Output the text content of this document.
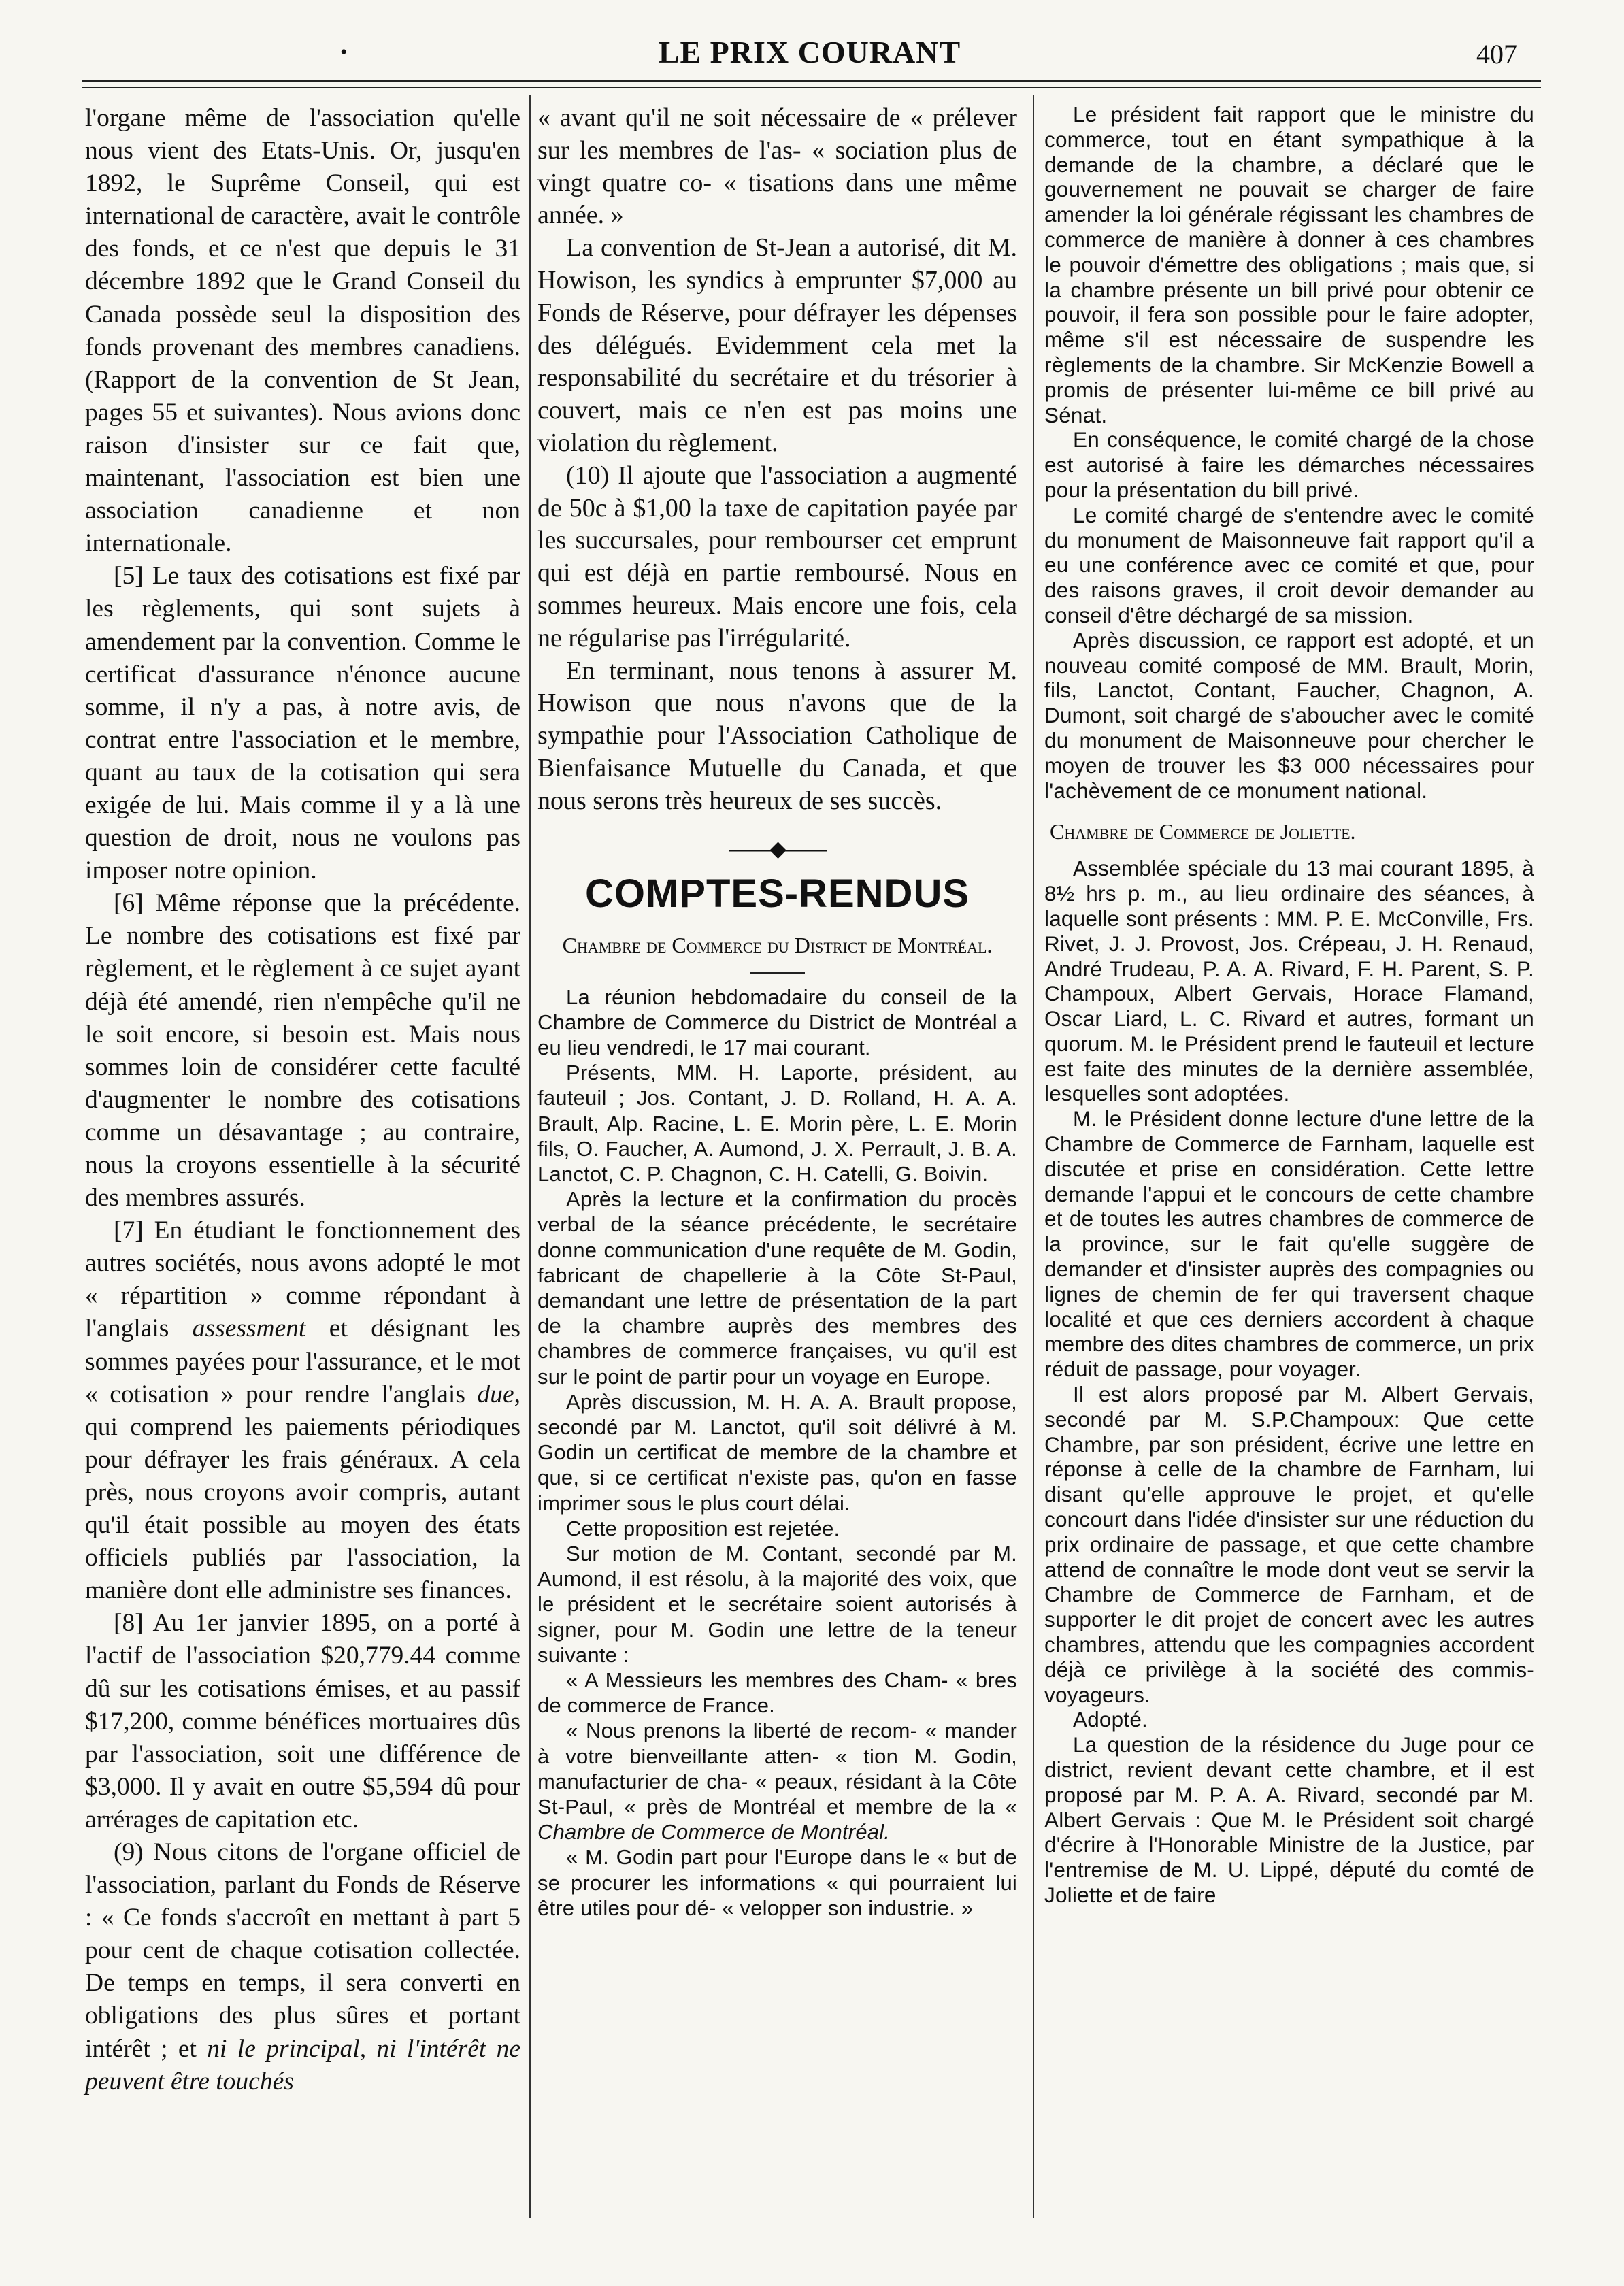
•	LE PRIX COURANT	407

l'organe même de l'association qu'elle nous vient des Etats-Unis. Or, jusqu'en 1892, le Suprême Conseil, qui est international de caractère, avait le contrôle des fonds, et ce n'est que depuis le 31 décembre 1892 que le Grand Conseil du Canada possède seul la disposition des fonds provenant des membres canadiens. (Rapport de la convention de St Jean, pages 55 et suivantes). Nous avions donc raison d'insister sur ce fait que, maintenant, l'association est bien une association canadienne et non internationale.

[5] Le taux des cotisations est fixé par les règlements, qui sont sujets à amendement par la convention. Comme le certificat d'assurance n'énonce aucune somme, il n'y a pas, à notre avis, de contrat entre l'association et le membre, quant au taux de la cotisation qui sera exigée de lui. Mais comme il y a là une question de droit, nous ne voulons pas imposer notre opinion.

[6] Même réponse que la précédente. Le nombre des cotisations est fixé par règlement, et le règlement à ce sujet ayant déjà été amendé, rien n'empêche qu'il ne le soit encore, si besoin est. Mais nous sommes loin de considérer cette faculté d'augmenter le nombre des cotisations comme un désavantage ; au contraire, nous la croyons essentielle à la sécurité des membres assurés.

[7] En étudiant le fonctionnement des autres sociétés, nous avons adopté le mot « répartition » comme répondant à l'anglais assessment et désignant les sommes payées pour l'assurance, et le mot « cotisation » pour rendre l'anglais due, qui comprend les paiements périodiques pour défrayer les frais généraux. A cela près, nous croyons avoir compris, autant qu'il était possible au moyen des états officiels publiés par l'association, la manière dont elle administre ses finances.

[8] Au 1er janvier 1895, on a porté à l'actif de l'association $20,779.44 comme dû sur les cotisations émises, et au passif $17,200, comme bénéfices mortuaires dûs par l'association, soit une différence de $3,000. Il y avait en outre $5,594 dû pour arrérages de capitation etc.

(9) Nous citons de l'organe officiel de l'association, parlant du Fonds de Réserve : « Ce fonds s'accroît en mettant à part 5 pour cent de chaque cotisation collectée. De temps en temps, il sera converti en obligations des plus sûres et portant intérêt ; et ni le principal, ni l'intérêt ne peuvent être touchés

« avant qu'il ne soit nécessaire de « prélever sur les membres de l'as- « sociation plus de vingt quatre co- « tisations dans une même année. »

La convention de St-Jean a autorisé, dit M. Howison, les syndics à emprunter $7,000 au Fonds de Réserve, pour défrayer les dépenses des délégués. Evidemment cela met la responsabilité du secrétaire et du trésorier à couvert, mais ce n'en est pas moins une violation du règlement.

(10) Il ajoute que l'association a augmenté de 50c à $1,00 la taxe de capitation payée par les succursales, pour rembourser cet emprunt qui est déjà en partie remboursé. Nous en sommes heureux. Mais encore une fois, cela ne régularise pas l'irrégularité.

En terminant, nous tenons à assurer M. Howison que nous n'avons que de la sympathie pour l'Association Catholique de Bienfaisance Mutuelle du Canada, et que nous serons très heureux de ses succès.

——◆——
COMPTES-RENDUS
Chambre de Commerce du District de Montréal.

La réunion hebdomadaire du conseil de la Chambre de Commerce du District de Montréal a eu lieu vendredi, le 17 mai courant.

Présents, MM. H. Laporte, président, au fauteuil ; Jos. Contant, J. D. Rolland, H. A. A. Brault, Alp. Racine, L. E. Morin père, L. E. Morin fils, O. Faucher, A. Aumond, J. X. Perrault, J. B. A. Lanctot, C. P. Chagnon, C. H. Catelli, G. Boivin.

Après la lecture et la confirmation du procès verbal de la séance précédente, le secrétaire donne communication d'une requête de M. Godin, fabricant de chapellerie à la Côte St-Paul, demandant une lettre de présentation de la part de la chambre auprès des membres des chambres de commerce françaises, vu qu'il est sur le point de partir pour un voyage en Europe.

Après discussion, M. H. A. A. Brault propose, secondé par M. Lanctot, qu'il soit délivré à M. Godin un certificat de membre de la chambre et que, si ce certificat n'existe pas, qu'on en fasse imprimer sous le plus court délai.

Cette proposition est rejetée.

Sur motion de M. Contant, secondé par M. Aumond, il est résolu, à la majorité des voix, que le président et le secrétaire soient autorisés à signer, pour M. Godin une lettre de la teneur suivante :

« A Messieurs les membres des Cham- « bres de commerce de France.

« Nous prenons la liberté de recom- « mander à votre bienveillante atten- « tion M. Godin, manufacturier de cha- « peaux, résidant à la Côte St-Paul, « près de Montréal et membre de la « Chambre de Commerce de Montréal.

« M. Godin part pour l'Europe dans le « but de se procurer les informations « qui pourraient lui être utiles pour dé- « velopper son industrie. »

Le président fait rapport que le ministre du commerce, tout en étant sympathique à la demande de la chambre, a déclaré que le gouvernement ne pouvait se charger de faire amender la loi générale régissant les chambres de commerce de manière à donner à ces chambres le pouvoir d'émettre des obligations ; mais que, si la chambre présente un bill privé pour obtenir ce pouvoir, il fera son possible pour le faire adopter, même s'il est nécessaire de suspendre les règlements de la chambre. Sir McKenzie Bowell a promis de présenter lui-même ce bill privé au Sénat.

En conséquence, le comité chargé de la chose est autorisé à faire les démarches nécessaires pour la présentation du bill privé.

Le comité chargé de s'entendre avec le comité du monument de Maisonneuve fait rapport qu'il a eu une conférence avec ce comité et que, pour des raisons graves, il croit devoir demander au conseil d'être déchargé de sa mission.

Après discussion, ce rapport est adopté, et un nouveau comité composé de MM. Brault, Morin, fils, Lanctot, Contant, Faucher, Chagnon, A. Dumont, soit chargé de s'aboucher avec le comité du monument de Maisonneuve pour chercher le moyen de trouver les $3 000 nécessaires pour l'achèvement de ce monument national.

Chambre de Commerce de Joliette.

Assemblée spéciale du 13 mai courant 1895, à 8½ hrs p. m., au lieu ordinaire des séances, à laquelle sont présents : MM. P. E. McConville, Frs. Rivet, J. J. Provost, Jos. Crépeau, J. H. Renaud, André Trudeau, P. A. A. Rivard, F. H. Parent, S. P. Champoux, Albert Gervais, Horace Flamand, Oscar Liard, L. C. Rivard et autres, formant un quorum. M. le Président prend le fauteuil et lecture est faite des minutes de la dernière assemblée, lesquelles sont adoptées.

M. le Président donne lecture d'une lettre de la Chambre de Commerce de Farnham, laquelle est discutée et prise en considération. Cette lettre demande l'appui et le concours de cette chambre et de toutes les autres chambres de commerce de la province, sur le fait qu'elle suggère de demander et d'insister auprès des compagnies ou lignes de chemin de fer qui traversent chaque localité et que ces derniers accordent à chaque membre des dites chambres de commerce, un prix réduit de passage, pour voyager.

Il est alors proposé par M. Albert Gervais, secondé par M. S.P.Champoux: Que cette Chambre, par son président, écrive une lettre en réponse à celle de la chambre de Farnham, lui disant qu'elle approuve le projet, et qu'elle concourt dans l'idée d'insister sur une réduction du prix ordinaire de passage, et que cette chambre attend de connaître le mode dont veut se servir la Chambre de Commerce de Farnham, et de supporter le dit projet de concert avec les autres chambres, attendu que les compagnies accordent déjà ce privilège à la société des commis-voyageurs.

Adopté.

La question de la résidence du Juge pour ce district, revient devant cette chambre, et il est proposé par M. P. A. A. Rivard, secondé par M. Albert Gervais : Que M. le Président soit chargé d'écrire à l'Honorable Ministre de la Justice, par l'entremise de M. U. Lippé, député du comté de Joliette et de faire
